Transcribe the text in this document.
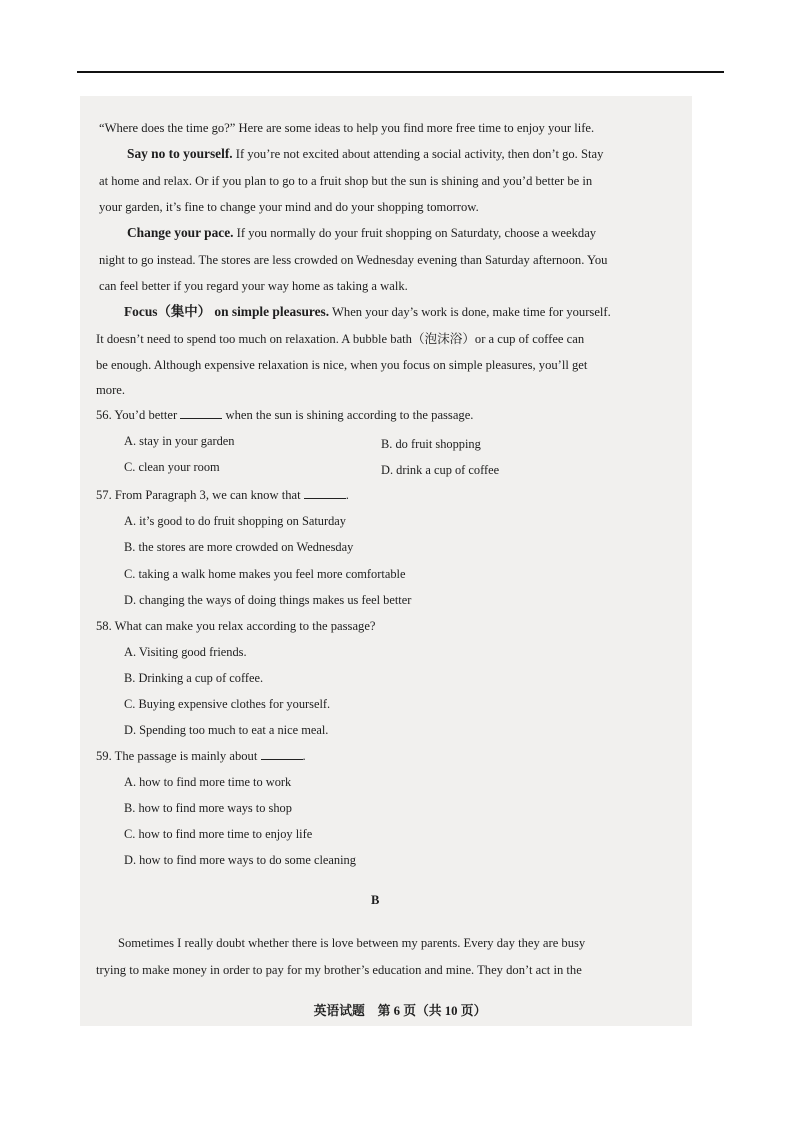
“Where does the time go?” Here are some ideas to help you find more free time to enjoy your life.
Say no to yourself. If you’re not excited about attending a social activity, then don’t go. Stay
at home and relax. Or if you plan to go to a fruit shop but the sun is shining and you’d better be in
your garden, it’s fine to change your mind and do your shopping tomorrow.
Change your pace. If you normally do your fruit shopping on Saturdaty, choose a weekday
night to go instead. The stores are less crowded on Wednesday evening than Saturday afternoon. You
can feel better if you regard your way home as taking a walk.
Focus（集中） on simple pleasures. When your day’s work is done, make time for yourself.
It doesn’t need to spend too much on relaxation. A bubble bath（泡沫浴）or a cup of coffee can
be enough. Although expensive relaxation is nice, when you focus on simple pleasures, you’ll get
more.
56. You’d better	when the sun is shining according to the passage.
A. stay in your garden	B. do fruit shopping
C. clean your room	D. drink a cup of coffee
57. From Paragraph 3, we can know that	.
A. it’s good to do fruit shopping on Saturday
B. the stores are more crowded on Wednesday
C. taking a walk home makes you feel more comfortable
D. changing the ways of doing things makes us feel better
58. What can make you relax according to the passage?
A. Visiting good friends.
B. Drinking a cup of coffee.
C. Buying expensive clothes for yourself.
D. Spending too much to eat a nice meal.
59. The passage is mainly about	.
A. how to find more time to work
B. how to find more ways to shop
C. how to find more time to enjoy life
D. how to find more ways to do some cleaning
B
Sometimes I really doubt whether there is love between my parents. Every day they are busy
trying to make money in order to pay for my brother’s education and mine. They don’t act in the
英语试题　第 6 页（共 10 页）
